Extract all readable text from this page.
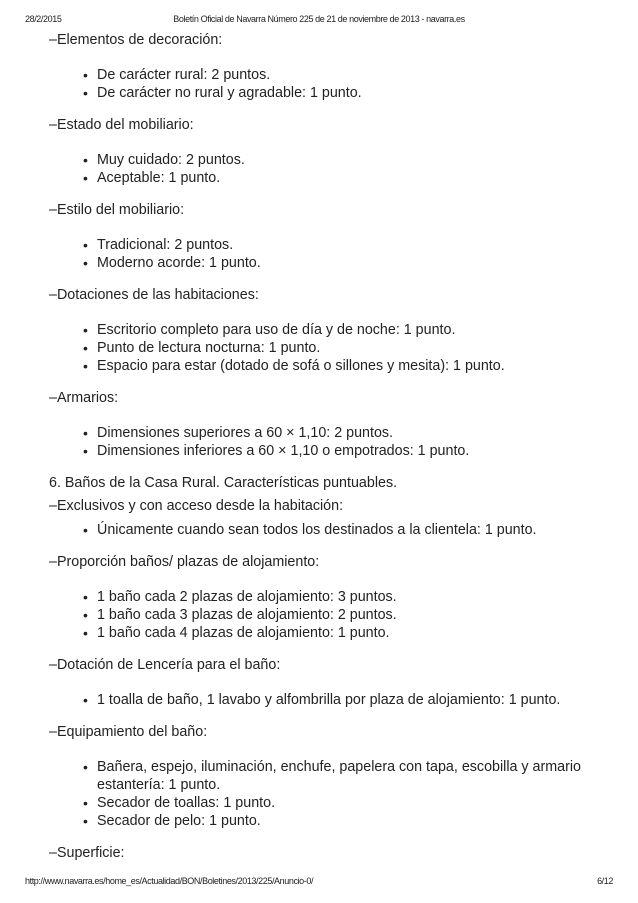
28/2/2015	Boletín Oficial de Navarra Número 225 de 21 de noviembre de 2013 - navarra.es
–Elementos de decoración:
• De carácter rural: 2 puntos.
• De carácter no rural y agradable: 1 punto.
–Estado del mobiliario:
• Muy cuidado: 2 puntos.
• Aceptable: 1 punto.
–Estilo del mobiliario:
• Tradicional: 2 puntos.
• Moderno acorde: 1 punto.
–Dotaciones de las habitaciones:
• Escritorio completo para uso de día y de noche: 1 punto.
• Punto de lectura nocturna: 1 punto.
• Espacio para estar (dotado de sofá o sillones y mesita): 1 punto.
–Armarios:
• Dimensiones superiores a 60 × 1,10: 2 puntos.
• Dimensiones inferiores a 60 × 1,10 o empotrados: 1 punto.

6. Baños de la Casa Rural. Características puntuables.

–Exclusivos y con acceso desde la habitación:
• Únicamente cuando sean todos los destinados a la clientela: 1 punto.
–Proporción baños/ plazas de alojamiento:
• 1 baño cada 2 plazas de alojamiento: 3 puntos.
• 1 baño cada 3 plazas de alojamiento: 2 puntos.
• 1 baño cada 4 plazas de alojamiento: 1 punto.
–Dotación de Lencería para el baño:
• 1 toalla de baño, 1 lavabo y alfombrilla por plaza de alojamiento: 1 punto.
–Equipamiento del baño:
• Bañera, espejo, iluminación, enchufe, papelera con tapa, escobilla y armario estantería: 1 punto.
• Secador de toallas: 1 punto.
• Secador de pelo: 1 punto.
–Superficie:
http://www.navarra.es/home_es/Actualidad/BON/Boletines/2013/225/Anuncio-0/	6/12
